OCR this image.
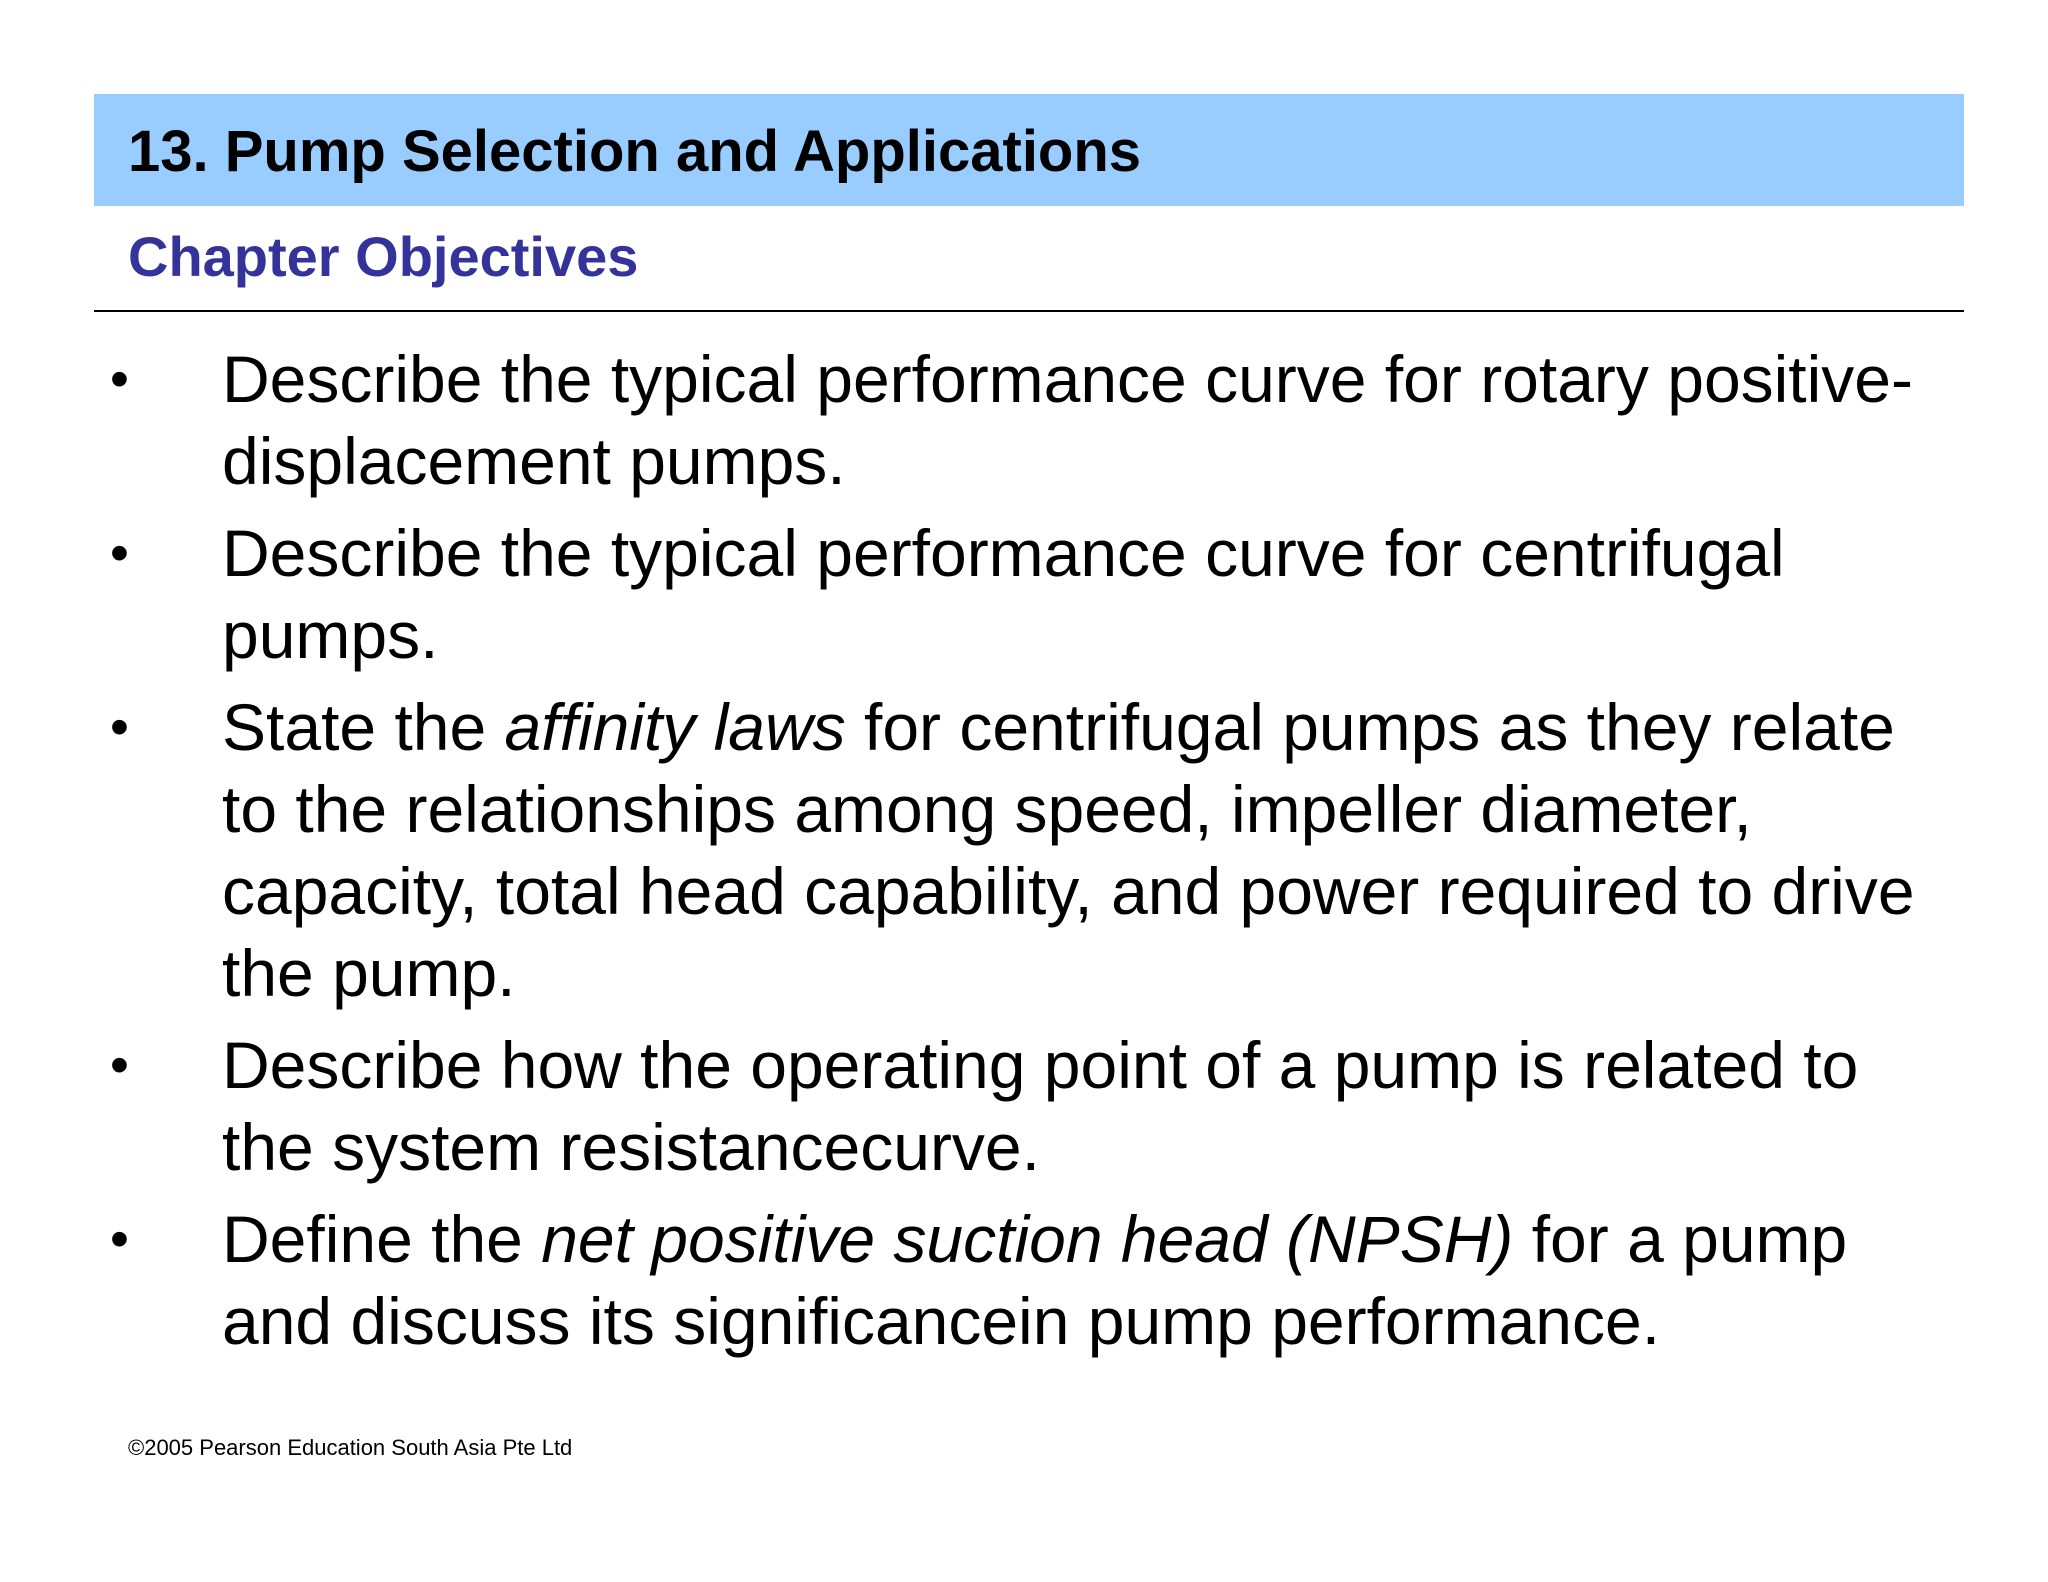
13. Pump Selection and Applications
Chapter Objectives
• Describe the typical performance curve for rotary positive-displacement pumps.
• Describe the typical performance curve for centrifugal pumps.
• State the affinity laws for centrifugal pumps as they relate to the relationships among speed, impeller diameter, capacity, total head capability, and power required to drive the pump.
• Describe how the operating point of a pump is related to the system resistancecurve.
• Define the net positive suction head (NPSH) for a pump and discuss its significancein pump performance.
©2005 Pearson Education South Asia Pte Ltd
